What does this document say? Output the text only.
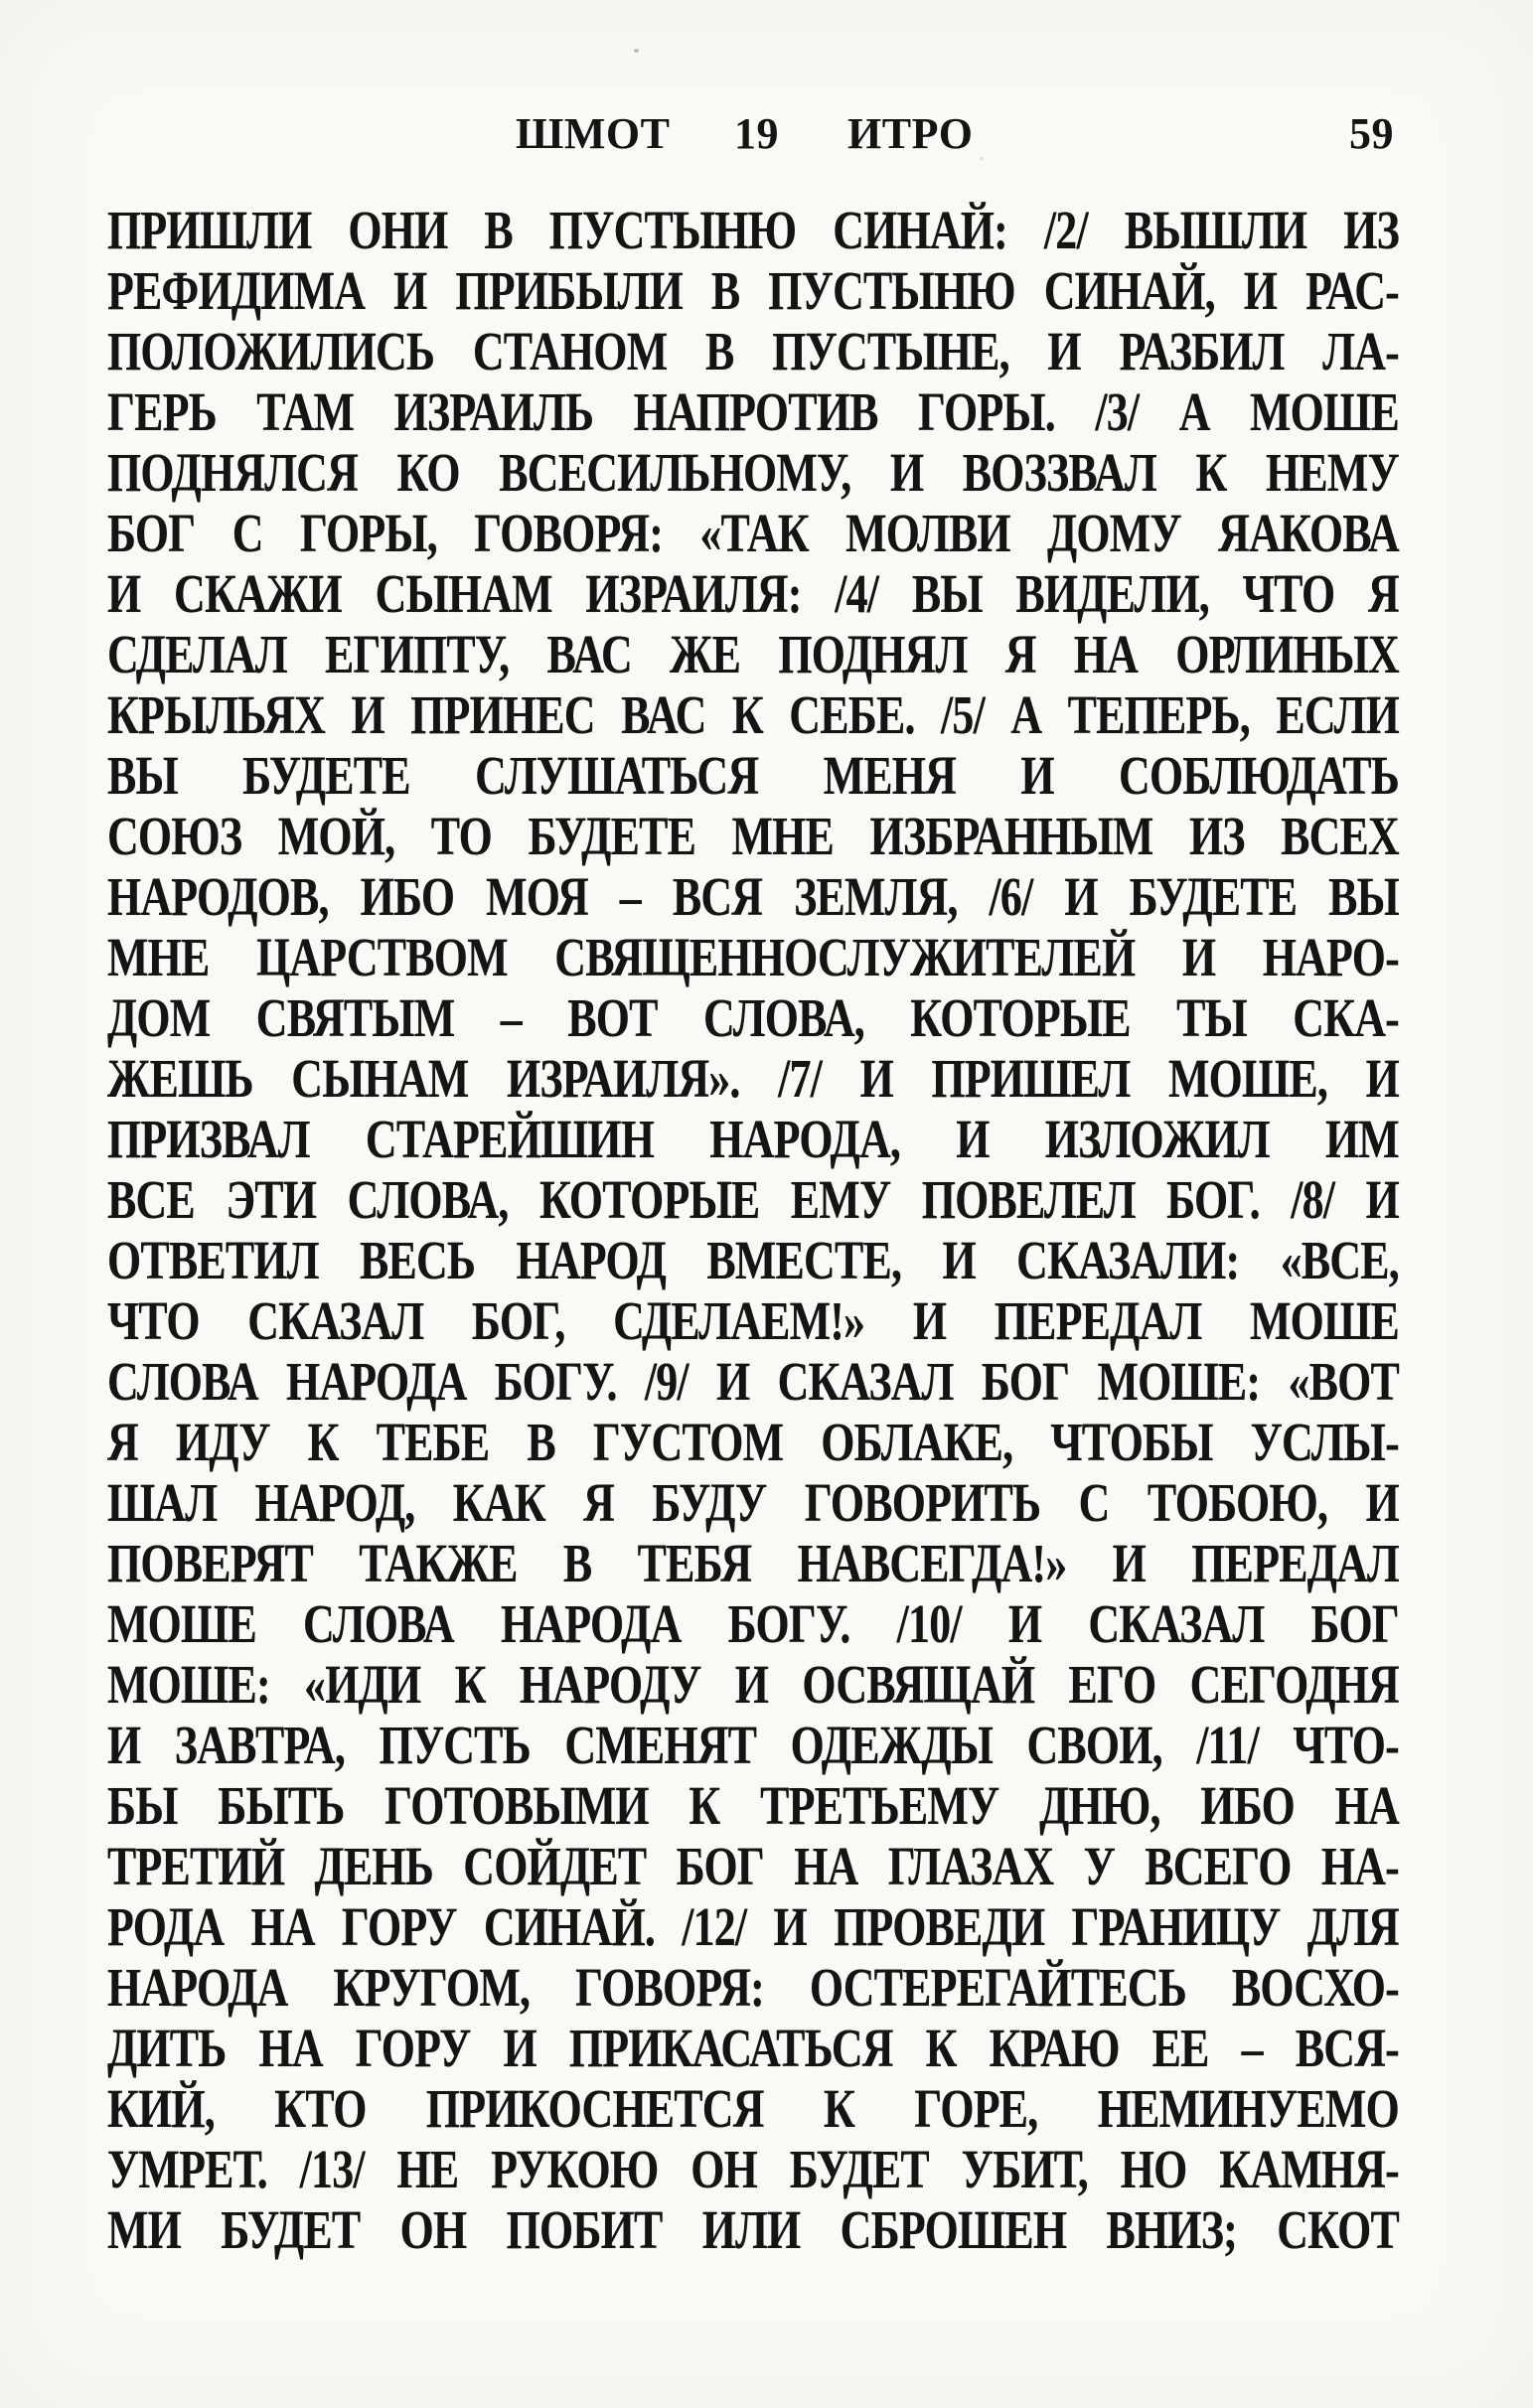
ШМОТ 19 ИТРО	59
ПРИШЛИ ОНИ В ПУСТЫНЮ СИНАЙ: /2/ ВЫШЛИ ИЗ
РЕФИДИМА И ПРИБЫЛИ В ПУСТЫНЮ СИНАЙ, И РАС-
ПОЛОЖИЛИСЬ СТАНОМ В ПУСТЫНЕ, И РАЗБИЛ ЛА-
ГЕРЬ ТАМ ИЗРАИЛЬ НАПРОТИВ ГОРЫ. /3/ А МОШЕ
ПОДНЯЛСЯ КО ВСЕСИЛЬНОМУ, И ВОЗЗВАЛ К НЕМУ
БОГ С ГОРЫ, ГОВОРЯ: «ТАК МОЛВИ ДОМУ ЯАКОВА
И СКАЖИ СЫНАМ ИЗРАИЛЯ: /4/ ВЫ ВИДЕЛИ, ЧТО Я
СДЕЛАЛ ЕГИПТУ, ВАС ЖЕ ПОДНЯЛ Я НА ОРЛИНЫХ
КРЫЛЬЯХ И ПРИНЕС ВАС К СЕБЕ. /5/ А ТЕПЕРЬ, ЕСЛИ
ВЫ БУДЕТЕ СЛУШАТЬСЯ МЕНЯ И СОБЛЮДАТЬ
СОЮЗ МОЙ, ТО БУДЕТЕ МНЕ ИЗБРАННЫМ ИЗ ВСЕХ
НАРОДОВ, ИБО МОЯ – ВСЯ ЗЕМЛЯ, /6/ И БУДЕТЕ ВЫ
МНЕ ЦАРСТВОМ СВЯЩЕННОСЛУЖИТЕЛЕЙ И НАРО-
ДОМ СВЯТЫМ – ВОТ СЛОВА, КОТОРЫЕ ТЫ СКА-
ЖЕШЬ СЫНАМ ИЗРАИЛЯ». /7/ И ПРИШЕЛ МОШЕ, И
ПРИЗВАЛ СТАРЕЙШИН НАРОДА, И ИЗЛОЖИЛ ИМ
ВСЕ ЭТИ СЛОВА, КОТОРЫЕ ЕМУ ПОВЕЛЕЛ БОГ. /8/ И
ОТВЕТИЛ ВЕСЬ НАРОД ВМЕСТЕ, И СКАЗАЛИ: «ВСЕ,
ЧТО СКАЗАЛ БОГ, СДЕЛАЕМ!» И ПЕРЕДАЛ МОШЕ
СЛОВА НАРОДА БОГУ. /9/ И СКАЗАЛ БОГ МОШЕ: «ВОТ
Я ИДУ К ТЕБЕ В ГУСТОМ ОБЛАКЕ, ЧТОБЫ УСЛЫ-
ШАЛ НАРОД, КАК Я БУДУ ГОВОРИТЬ С ТОБОЮ, И
ПОВЕРЯТ ТАКЖЕ В ТЕБЯ НАВСЕГДА!» И ПЕРЕДАЛ
МОШЕ СЛОВА НАРОДА БОГУ. /10/ И СКАЗАЛ БОГ
МОШЕ: «ИДИ К НАРОДУ И ОСВЯЩАЙ ЕГО СЕГОДНЯ
И ЗАВТРА, ПУСТЬ СМЕНЯТ ОДЕЖДЫ СВОИ, /11/ ЧТО-
БЫ БЫТЬ ГОТОВЫМИ К ТРЕТЬЕМУ ДНЮ, ИБО НА
ТРЕТИЙ ДЕНЬ СОЙДЕТ БОГ НА ГЛАЗАХ У ВСЕГО НА-
РОДА НА ГОРУ СИНАЙ. /12/ И ПРОВЕДИ ГРАНИЦУ ДЛЯ
НАРОДА КРУГОМ, ГОВОРЯ: ОСТЕРЕГАЙТЕСЬ ВОСХО-
ДИТЬ НА ГОРУ И ПРИКАСАТЬСЯ К КРАЮ ЕЕ – ВСЯ-
КИЙ, КТО ПРИКОСНЕТСЯ К ГОРЕ, НЕМИНУЕМО
УМРЕТ. /13/ НЕ РУКОЮ ОН БУДЕТ УБИТ, НО КАМНЯ-
МИ БУДЕТ ОН ПОБИТ ИЛИ СБРОШЕН ВНИЗ; СКОТ
